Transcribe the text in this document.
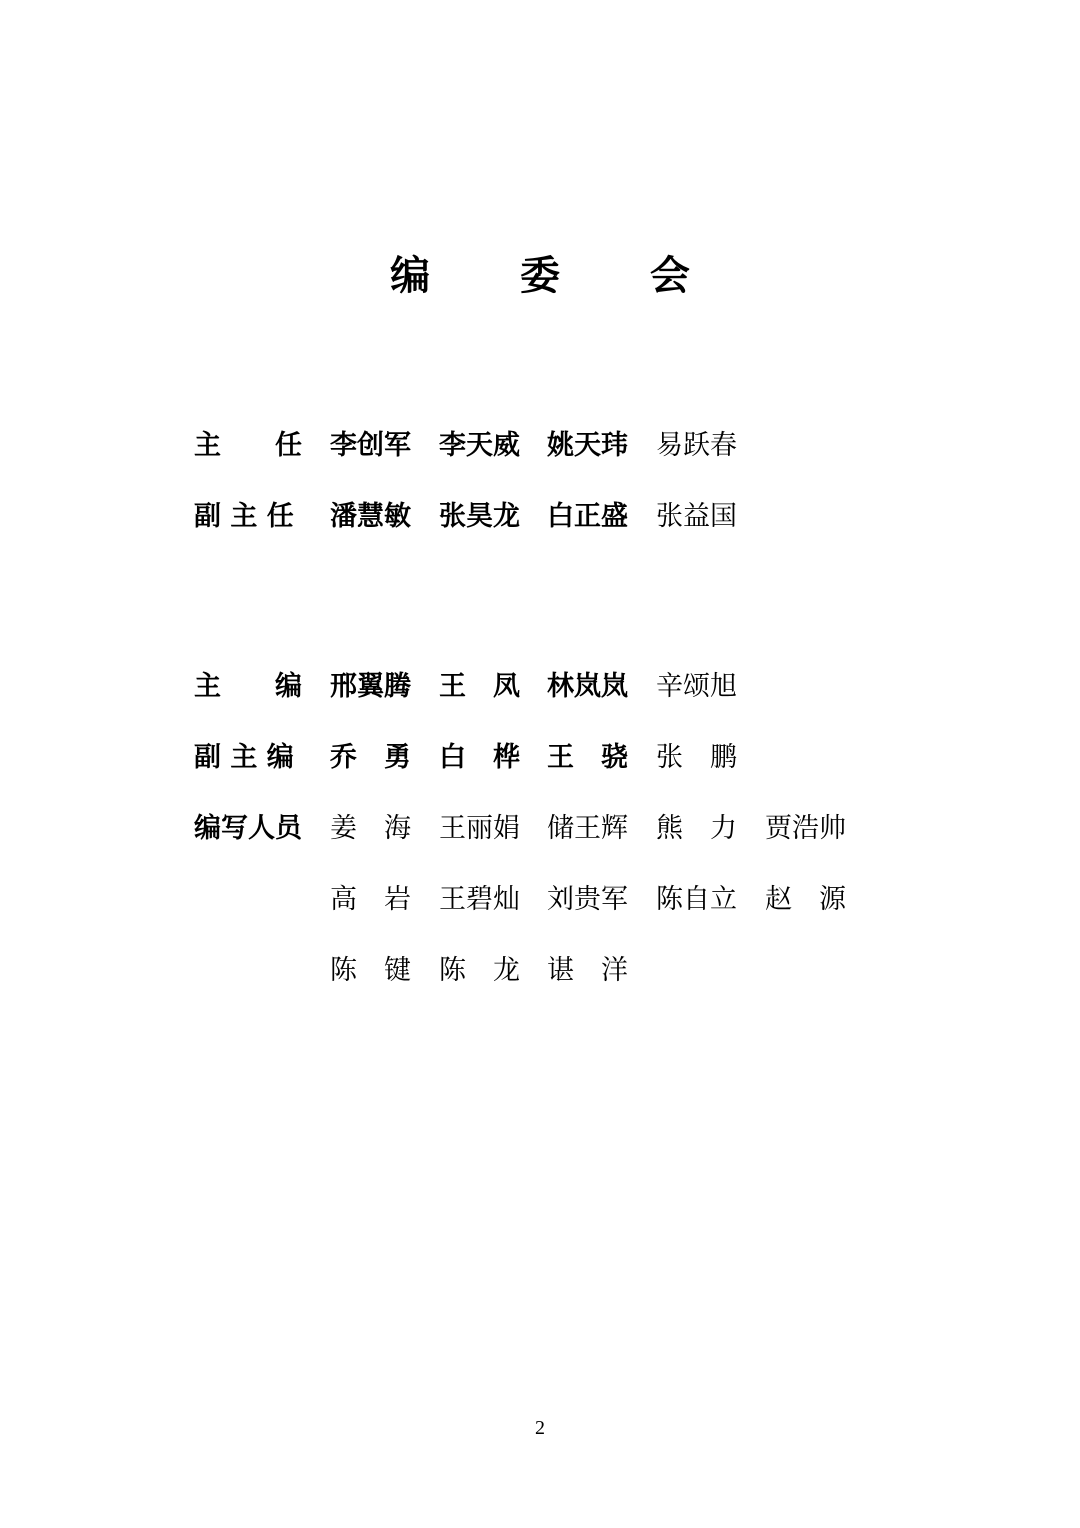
编 委 会
主　　任 李创军 李天威 姚天玮 易跃春
副 主 任	潘慧敏 张昊龙 白正盛 张益国
主　　编 邢翼腾 王　凤 林岚岚 辛颂旭
副 主 编	乔　勇 白　桦 王　骁 张　鹏
编写人员 姜　海 王丽娟 储王辉 熊　力 贾浩帅
高　岩 王碧灿 刘贵军 陈自立 赵　源
陈　键 陈　龙 谌　洋
2
